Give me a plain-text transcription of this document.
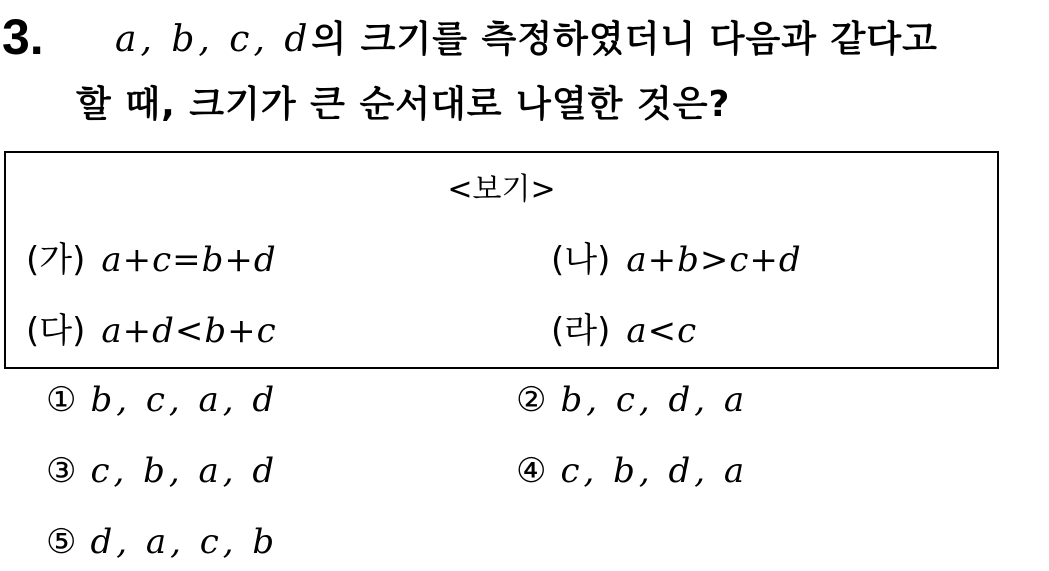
3. a, b, c, d의 크기를 측정하였더니 다음과 같다고
할 때, 크기가 큰 순서대로 나열한 것은?
<보기>
(가) a+c=b+d	(나) a+b>c+d
(다) a+d<b+c	(라) a<c
① b, c, a, d	② b, c, d, a
③ c, b, a, d	④ c, b, d, a
⑤ d, a, c, b
